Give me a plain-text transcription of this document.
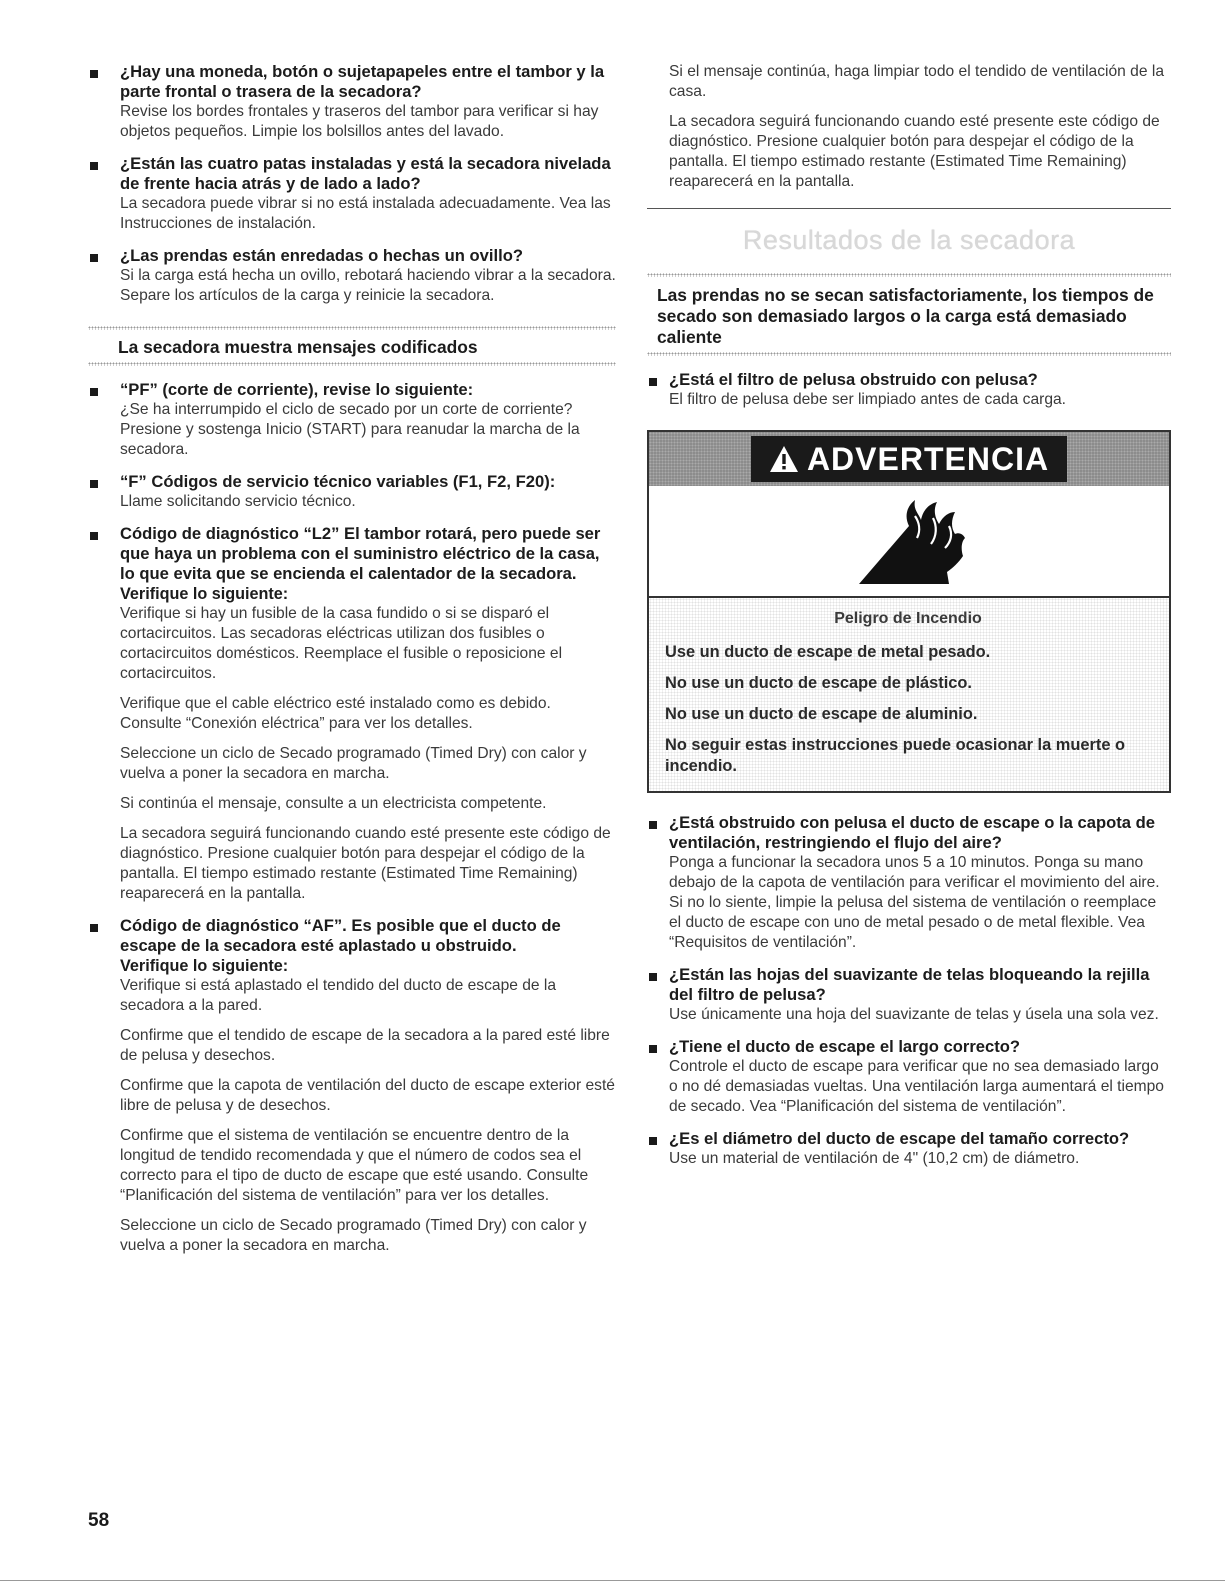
¿Hay una moneda, botón o sujetapapeles entre el tambor y la parte frontal o trasera de la secadora?

Revise los bordes frontales y traseros del tambor para verificar si hay objetos pequeños. Limpie los bolsillos antes del lavado.

¿Están las cuatro patas instaladas y está la secadora nivelada de frente hacia atrás y de lado a lado?

La secadora puede vibrar si no está instalada adecuadamente. Vea las Instrucciones de instalación.

¿Las prendas están enredadas o hechas un ovillo?

Si la carga está hecha un ovillo, rebotará haciendo vibrar a la secadora. Separe los artículos de la carga y reinicie la secadora.

La secadora muestra mensajes codificados

“PF” (corte de corriente), revise lo siguiente:

¿Se ha interrumpido el ciclo de secado por un corte de corriente? Presione y sostenga Inicio (START) para reanudar la marcha de la secadora.

“F” Códigos de servicio técnico variables (F1, F2, F20):

Llame solicitando servicio técnico.

Código de diagnóstico “L2” El tambor rotará, pero puede ser que haya un problema con el suministro eléctrico de la casa, lo que evita que se encienda el calentador de la secadora.

Verifique lo siguiente:

Verifique si hay un fusible de la casa fundido o si se disparó el cortacircuitos. Las secadoras eléctricas utilizan dos fusibles o cortacircuitos domésticos. Reemplace el fusible o reposicione el cortacircuitos.

Verifique que el cable eléctrico esté instalado como es debido. Consulte “Conexión eléctrica” para ver los detalles.

Seleccione un ciclo de Secado programado (Timed Dry) con calor y vuelva a poner la secadora en marcha.

Si continúa el mensaje, consulte a un electricista competente.

La secadora seguirá funcionando cuando esté presente este código de diagnóstico. Presione cualquier botón para despejar el código de la pantalla. El tiempo estimado restante (Estimated Time Remaining) reaparecerá en la pantalla.

Código de diagnóstico “AF”. Es posible que el ducto de escape de la secadora esté aplastado u obstruido.

Verifique lo siguiente:

Verifique si está aplastado el tendido del ducto de escape de la secadora a la pared.

Confirme que el tendido de escape de la secadora a la pared esté libre de pelusa y desechos.

Confirme que la capota de ventilación del ducto de escape exterior esté libre de pelusa y de desechos.

Confirme que el sistema de ventilación se encuentre dentro de la longitud de tendido recomendada y que el número de codos sea el correcto para el tipo de ducto de escape que esté usando. Consulte “Planificación del sistema de ventilación” para ver los detalles.

Seleccione un ciclo de Secado programado (Timed Dry) con calor y vuelva a poner la secadora en marcha.

Si el mensaje continúa, haga limpiar todo el tendido de ventilación de la casa.

La secadora seguirá funcionando cuando esté presente este código de diagnóstico. Presione cualquier botón para despejar el código de la pantalla. El tiempo estimado restante (Estimated Time Remaining) reaparecerá en la pantalla.

Resultados de la secadora
Las prendas no se secan satisfactoriamente, los tiempos de secado son demasiado largos o la carga está demasiado caliente

¿Está el filtro de pelusa obstruido con pelusa?

El filtro de pelusa debe ser limpiado antes de cada carga.

ADVERTENCIA

Peligro de Incendio

Use un ducto de escape de metal pesado.

No use un ducto de escape de plástico.

No use un ducto de escape de aluminio.

No seguir estas instrucciones puede ocasionar la muerte o incendio.

¿Está obstruido con pelusa el ducto de escape o la capota de ventilación, restringiendo el flujo del aire?

Ponga a funcionar la secadora unos 5 a 10 minutos. Ponga su mano debajo de la capota de ventilación para verificar el movimiento del aire. Si no lo siente, limpie la pelusa del sistema de ventilación o reemplace el ducto de escape con uno de metal pesado o de metal flexible. Vea “Requisitos de ventilación”.

¿Están las hojas del suavizante de telas bloqueando la rejilla del filtro de pelusa?

Use únicamente una hoja del suavizante de telas y úsela una sola vez.

¿Tiene el ducto de escape el largo correcto?

Controle el ducto de escape para verificar que no sea demasiado largo o no dé demasiadas vueltas. Una ventilación larga aumentará el tiempo de secado. Vea “Planificación del sistema de ventilación”.

¿Es el diámetro del ducto de escape del tamaño correcto?

Use un material de ventilación de 4" (10,2 cm) de diámetro.

58
